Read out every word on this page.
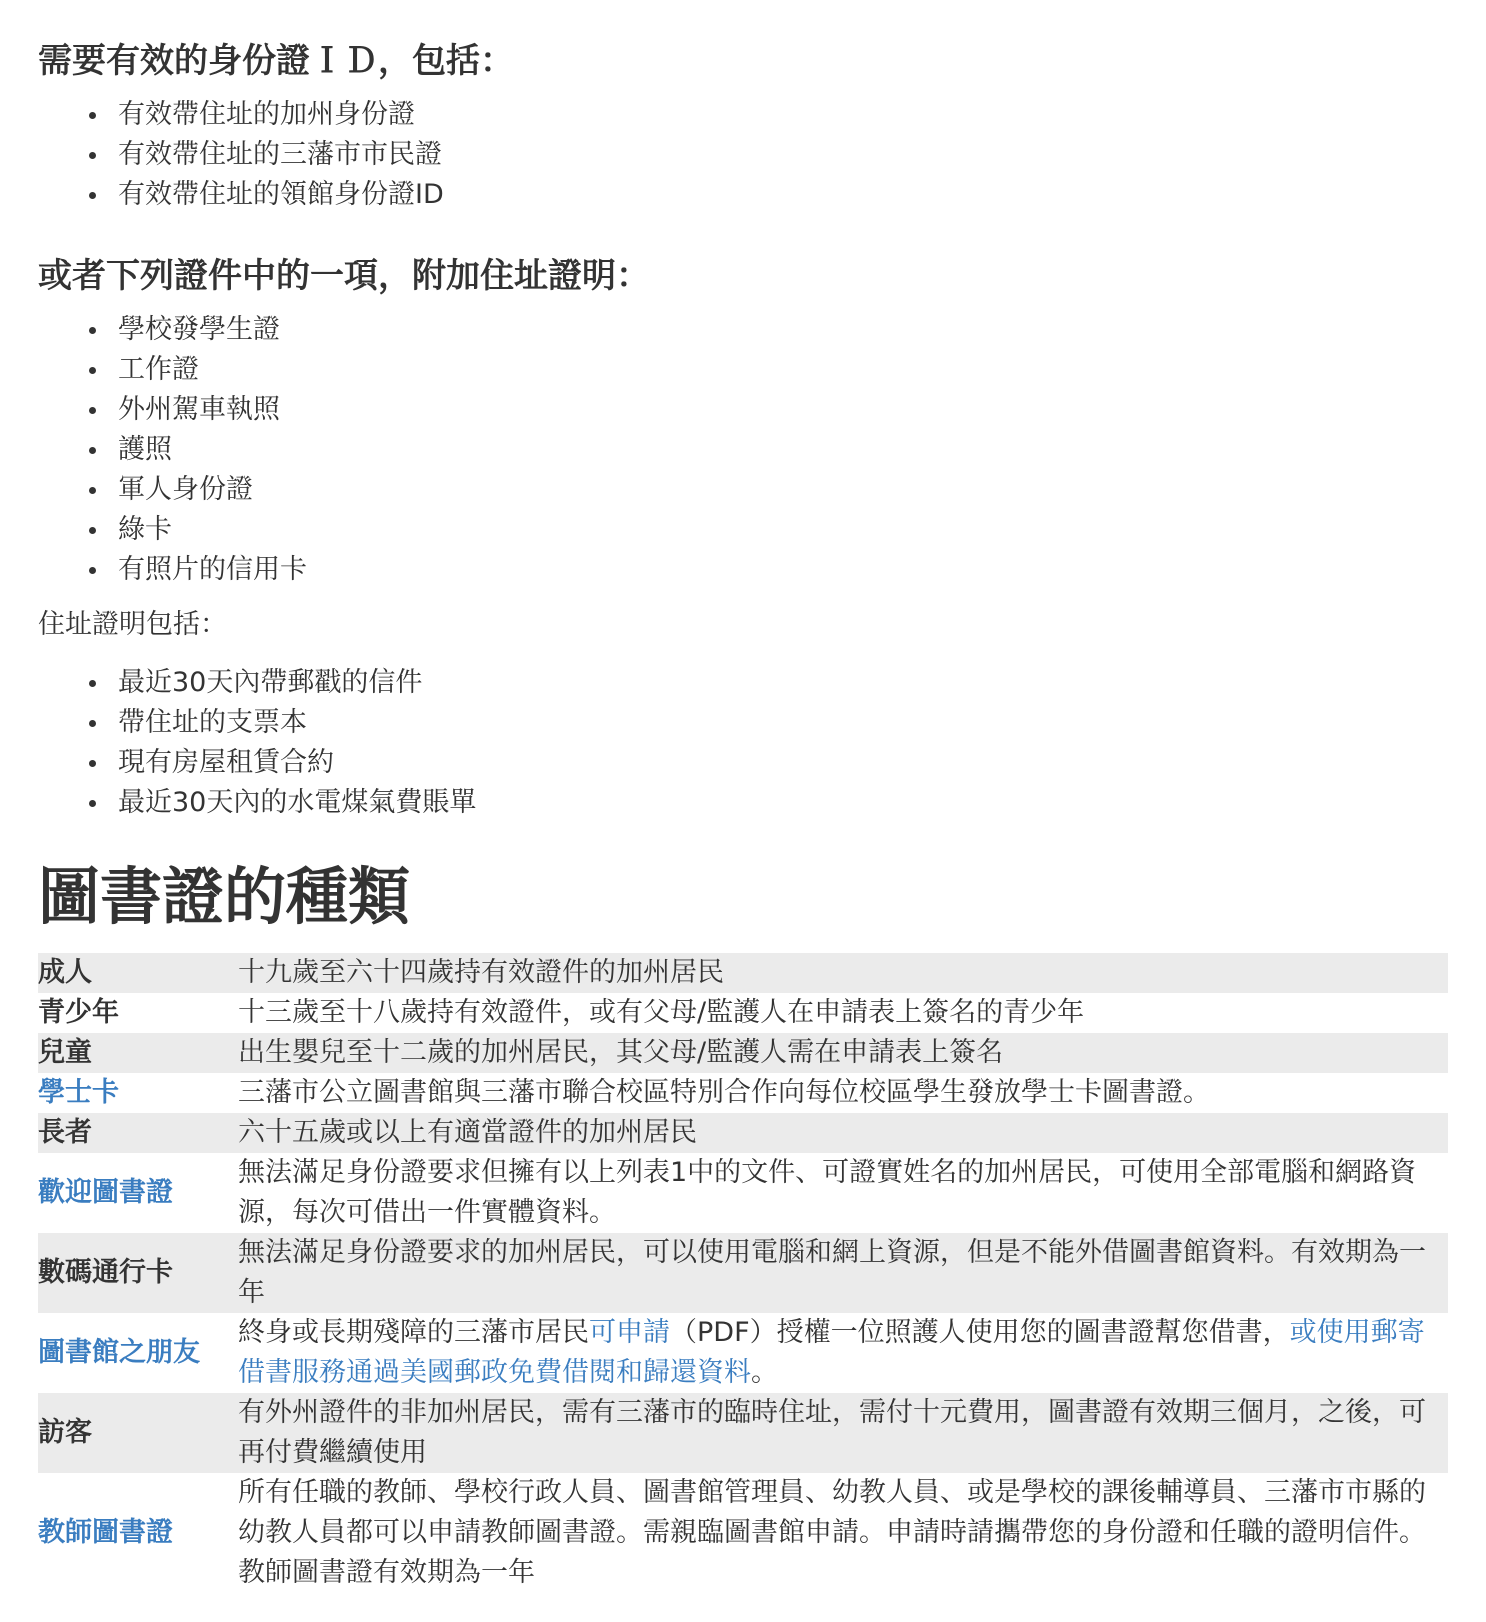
需要有效的身份證ＩＤ，包括：
有效帶住址的加州身份證
有效帶住址的三藩市市民證
有效帶住址的領館身份證ID
或者下列證件中的一項，附加住址證明：
學校發學生證
工作證
外州駕車執照
護照
軍人身份證
綠卡
有照片的信用卡

住址證明包括：

最近30天內帶郵戳的信件
帶住址的支票本
現有房屋租賃合約
最近30天內的水電煤氣費賬單
圖書證的種類
成人	十九歲至六十四歲持有效證件的加州居民
青少年	十三歲至十八歲持有效證件，或有父母/監護人在申請表上簽名的青少年
兒童	出生嬰兒至十二歲的加州居民，其父母/監護人需在申請表上簽名
學士卡	三藩市公立圖書館與三藩市聯合校區特別合作向每位校區學生發放學士卡圖書證。
長者	六十五歲或以上有適當證件的加州居民
歡迎圖書證	無法滿足身份證要求但擁有以上列表1中的文件、可證實姓名的加州居民，可使用全部電腦和網路資源，每次可借出一件實體資料。
數碼通行卡	無法滿足身份證要求的加州居民，可以使用電腦和網上資源，但是不能外借圖書館資料。有效期為一年
圖書館之朋友	終身或長期殘障的三藩市居民可申請（PDF）授權一位照護人使用您的圖書證幫您借書，或使用郵寄借書服務通過美國郵政免費借閱和歸還資料。
訪客	有外州證件的非加州居民，需有三藩市的臨時住址，需付十元費用，圖書證有效期三個月，之後，可再付費繼續使用
教師圖書證	所有任職的教師、學校行政人員、圖書館管理員、幼教人員、或是學校的課後輔導員、三藩市市縣的幼教人員都可以申請教師圖書證。需親臨圖書館申請。申請時請攜帶您的身份證和任職的證明信件。教師圖書證有效期為一年
